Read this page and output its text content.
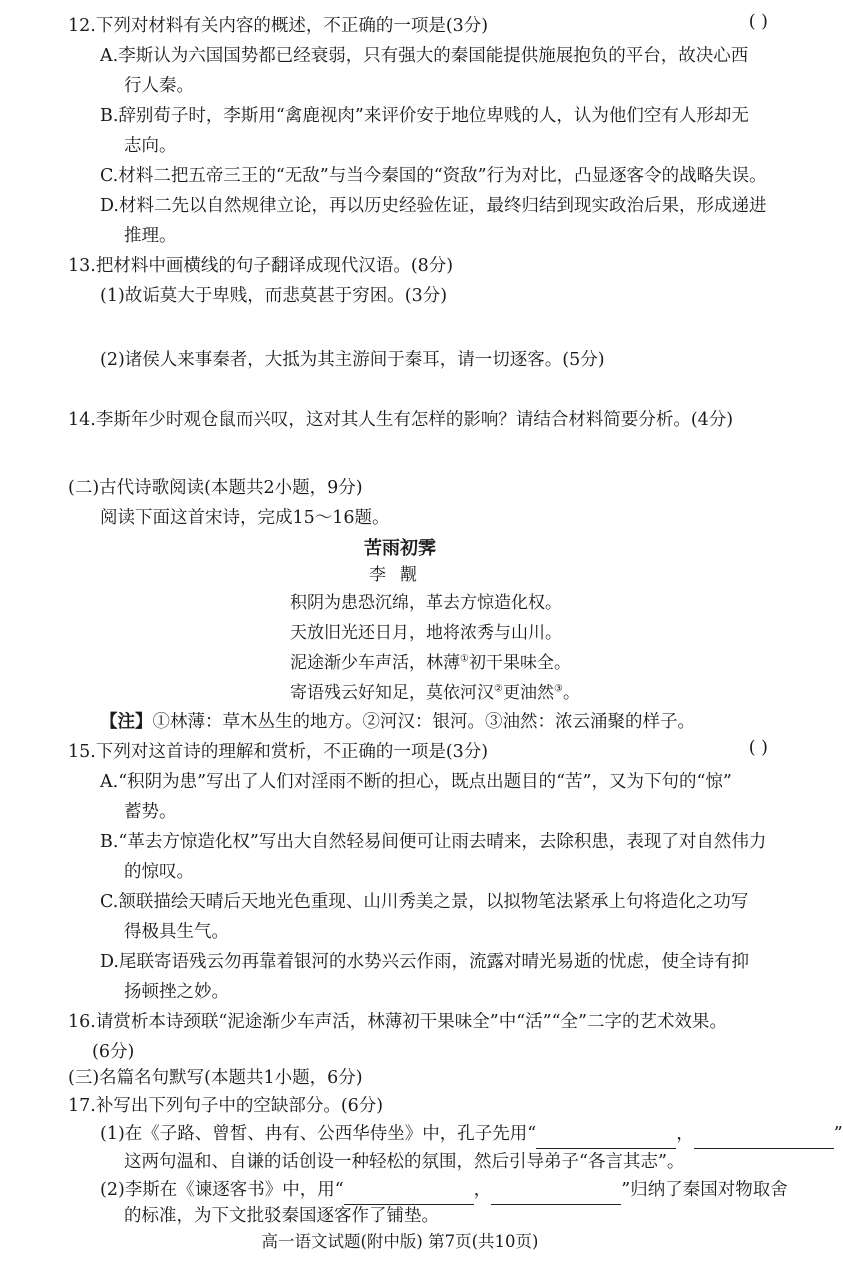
12.下列对材料有关内容的概述，不正确的一项是(3分)	( )
A.李斯认为六国国势都已经衰弱，只有强大的秦国能提供施展抱负的平台，故决心西
行人秦。
B.辞别荀子时，李斯用“禽鹿视肉”来评价安于地位卑贱的人，认为他们空有人形却无
志向。
C.材料二把五帝三王的“无敌”与当今秦国的“资敌”行为对比，凸显逐客令的战略失误。
D.材料二先以自然规律立论，再以历史经验佐证，最终归结到现实政治后果，形成递进
推理。
13.把材料中画横线的句子翻译成现代汉语。(8分)
(1)故诟莫大于卑贱，而悲莫甚于穷困。(3分)
(2)诸侯人来事秦者，大抵为其主游间于秦耳，请一切逐客。(5分)
14.李斯年少时观仓鼠而兴叹，这对其人生有怎样的影响？请结合材料简要分析。(4分)
(二)古代诗歌阅读(本题共2小题，9分)
阅读下面这首宋诗，完成15～16题。
苦雨初霁
李觏
积阴为患恐沉绵，革去方惊造化权。
天放旧光还日月，地将浓秀与山川。
泥途渐少车声活，林薄①初干果味全。
寄语残云好知足，莫依河汉②更油然③。
【注】①林薄：草木丛生的地方。②河汉：银河。③油然：浓云涌聚的样子。
15.下列对这首诗的理解和赏析，不正确的一项是(3分)	( )
A.“积阴为患”写出了人们对淫雨不断的担心，既点出题目的“苦”，又为下句的“惊”
蓄势。
B.“革去方惊造化权”写出大自然轻易间便可让雨去晴来，去除积患，表现了对自然伟力
的惊叹。
C.颔联描绘天晴后天地光色重现、山川秀美之景，以拟物笔法紧承上句将造化之功写
得极具生气。
D.尾联寄语残云勿再靠着银河的水势兴云作雨，流露对晴光易逝的忧虑，使全诗有抑
扬顿挫之妙。
16.请赏析本诗颈联“泥途渐少车声活，林薄初干果味全”中“活”“全”二字的艺术效果。
(6分)
(三)名篇名句默写(本题共1小题，6分)
17.补写出下列句子中的空缺部分。(6分)
(1)在《子路、曾皙、冉有、公西华侍坐》中，孔子先用“	，	”
这两句温和、自谦的话创设一种轻松的氛围，然后引导弟子“各言其志”。
高一语文试题(附中版) 第7页(共10页)
(2)李斯在《谏逐客书》中，用“	，	”归纳了秦国对物取舍
的标准，为下文批驳秦国逐客作了铺垫。
